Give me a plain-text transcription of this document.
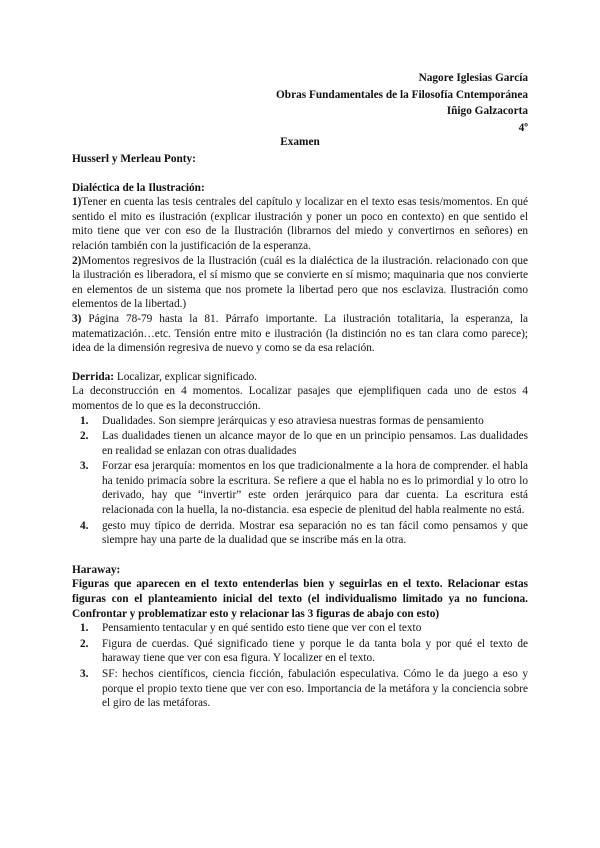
Nagore Iglesias García
Obras Fundamentales de la Filosofía Cntemporánea
Iñigo Galzacorta
4º
Examen
Husserl y Merleau Ponty:
Dialéctica de la Ilustración:

1)Tener en cuenta las tesis centrales del capítulo y localizar en el texto esas tesis/momentos. En qué sentido el mito es ilustración (explicar ilustración y poner un poco en contexto) en que sentido el mito tiene que ver con eso de la Ilustración (librarnos del miedo y convertirnos en señores) en relación también con la justificación de la esperanza.

2)Momentos regresivos de la Ilustración (cuál es la dialéctica de la ilustración. relacionado con que la ilustración es liberadora, el sí mismo que se convierte en sí mismo; maquinaria que nos convierte en elementos de un sistema que nos promete la libertad pero que nos esclaviza. Ilustración como elementos de la libertad.)

3) Página 78-79 hasta la 81. Párrafo importante. La ilustración totalitaria, la esperanza, la matematización…etc. Tensión entre mito e ilustración (la distinción no es tan clara como parece); idea de la dimensión regresiva de nuevo y como se da esa relación.

Derrida: Localizar, explicar significado.

La deconstrucción en 4 momentos. Localizar pasajes que ejemplifiquen cada uno de estos 4 momentos de lo que es la deconstrucción.

1. Dualidades. Son siempre jerárquicas y eso atraviesa nuestras formas de pensamiento
2. Las dualidades tienen un alcance mayor de lo que en un principio pensamos. Las dualidades en realidad se enlazan con otras dualidades
3. Forzar esa jerarquía: momentos en los que tradicionalmente a la hora de comprender. el habla ha tenido primacía sobre la escritura. Se refiere a que el habla no es lo primordial y lo otro lo derivado, hay que “invertir” este orden jerárquico para dar cuenta. La escritura está relacionada con la huella, la no-distancia. esa especie de plenitud del habla realmente no está.
4. gesto muy típico de derrida. Mostrar esa separación no es tan fácil como pensamos y que siempre hay una parte de la dualidad que se inscribe más en la otra.
Haraway:
Figuras que aparecen en el texto entenderlas bien y seguirlas en el texto. Relacionar estas figuras con el planteamiento inicial del texto (el individualismo limitado ya no funciona. Confrontar y problematizar esto y relacionar las 3 figuras de abajo con esto)
1. Pensamiento tentacular y en qué sentido esto tiene que ver con el texto
2. Figura de cuerdas. Qué significado tiene y porque le da tanta bola y por qué el texto de haraway tiene que ver con esa figura. Y localizer en el texto.
3. SF: hechos científicos, ciencia ficción, fabulación especulativa. Cómo le da juego a eso y porque el propio texto tiene que ver con eso. Importancia de la metáfora y la conciencia sobre el giro de las metáforas.
